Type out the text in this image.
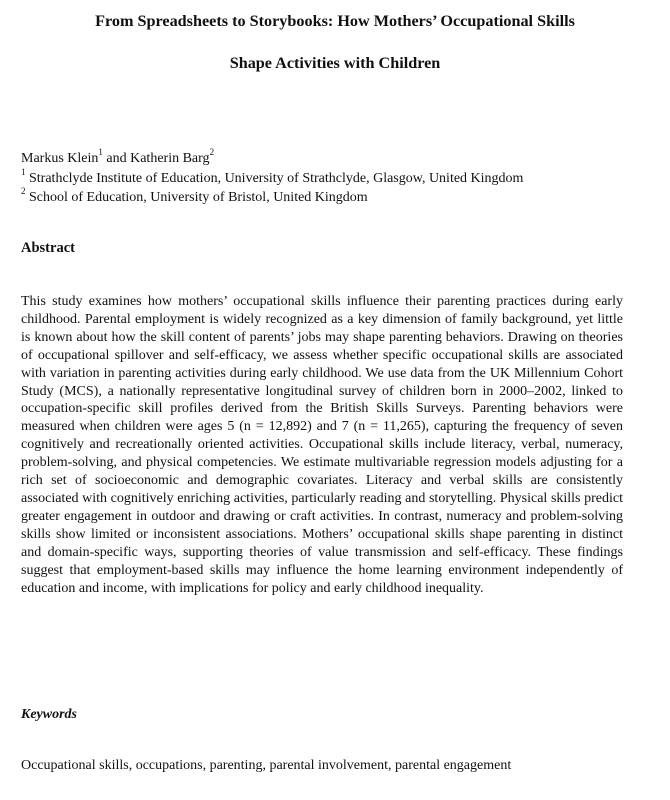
From Spreadsheets to Storybooks: How Mothers’ Occupational Skills
Shape Activities with Children
Markus Klein$^1$ and Katherin Barg$^2$
$^1$ Strathclyde Institute of Education, University of Strathclyde, Glasgow, United Kingdom
$^2$ School of Education, University of Bristol, United Kingdom
Abstract

This study examines how mothers’ occupational skills influence their parenting practices during early childhood. Parental employment is widely recognized as a key dimension of family background, yet little is known about how the skill content of parents’ jobs may shape parenting behaviors. Drawing on theories of occupational spillover and self-efficacy, we assess whether specific occupational skills are associated with variation in parenting activities during early childhood. We use data from the UK Millennium Cohort Study (MCS), a nationally representative longitudinal survey of children born in 2000–2002, linked to occupation-specific skill profiles derived from the British Skills Surveys. Parenting behaviors were measured when children were ages 5 (n = 12,892) and 7 (n = 11,265), capturing the frequency of seven cognitively and recreationally oriented activities. Occupational skills include literacy, verbal, numeracy, problem-solving, and physical competencies. We estimate multivariable regression models adjusting for a rich set of socioeconomic and demographic covariates. Literacy and verbal skills are consistently associated with cognitively enriching activities, particularly reading and storytelling. Physical skills predict greater engagement in outdoor and drawing or craft activities. In contrast, numeracy and problem-solving skills show limited or inconsistent associations. Mothers’ occupational skills shape parenting in distinct and domain-specific ways, supporting theories of value transmission and self-efficacy. These findings suggest that employment-based skills may influence the home learning environment independently of education and income, with implications for policy and early childhood inequality.

Keywords

Occupational skills, occupations, parenting, parental involvement, parental engagement
